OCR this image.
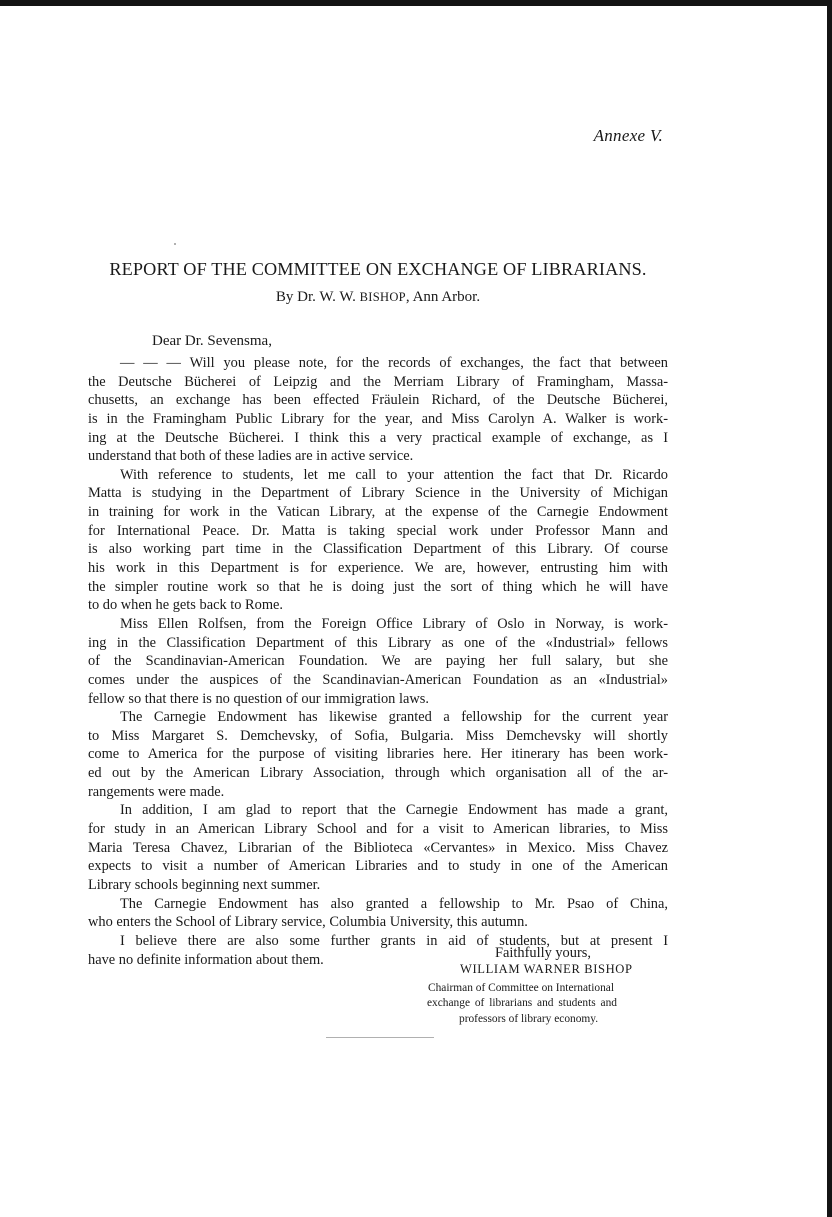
Annexe V.
REPORT OF THE COMMITTEE ON EXCHANGE OF LIBRARIANS.
By Dr. W. W. BISHOP, Ann Arbor.
Dear Dr. Sevensma,
— — — Will you please note, for the records of exchanges, the fact that between
the Deutsche Bücherei of Leipzig and the Merriam Library of Framingham, Massa-
chusetts, an exchange has been effected Fräulein Richard, of the Deutsche Bücherei,
is in the Framingham Public Library for the year, and Miss Carolyn A. Walker is work-
ing at the Deutsche Bücherei. I think this a very practical example of exchange, as I
understand that both of these ladies are in active service.
With reference to students, let me call to your attention the fact that Dr. Ricardo
Matta is studying in the Department of Library Science in the University of Michigan
in training for work in the Vatican Library, at the expense of the Carnegie Endowment
for International Peace. Dr. Matta is taking special work under Professor Mann and
is also working part time in the Classification Department of this Library. Of course
his work in this Department is for experience. We are, however, entrusting him with
the simpler routine work so that he is doing just the sort of thing which he will have
to do when he gets back to Rome.
Miss Ellen Rolfsen, from the Foreign Office Library of Oslo in Norway, is work-
ing in the Classification Department of this Library as one of the «Industrial» fellows
of the Scandinavian-American Foundation. We are paying her full salary, but she
comes under the auspices of the Scandinavian-American Foundation as an «Industrial»
fellow so that there is no question of our immigration laws.
The Carnegie Endowment has likewise granted a fellowship for the current year
to Miss Margaret S. Demchevsky, of Sofia, Bulgaria. Miss Demchevsky will shortly
come to America for the purpose of visiting libraries here. Her itinerary has been work-
ed out by the American Library Association, through which organisation all of the ar-
rangements were made.
In addition, I am glad to report that the Carnegie Endowment has made a grant,
for study in an American Library School and for a visit to American libraries, to Miss
Maria Teresa Chavez, Librarian of the Biblioteca «Cervantes» in Mexico. Miss Chavez
expects to visit a number of American Libraries and to study in one of the American
Library schools beginning next summer.
The Carnegie Endowment has also granted a fellowship to Mr. Psao of China,
who enters the School of Library service, Columbia University, this autumn.
I believe there are also some further grants in aid of students, but at present I
have no definite information about them.	Faithfully yours,
WILLIAM WARNER BISHOP
Chairman of Committee on International
exchange of librarians and students and
professors of library economy.
